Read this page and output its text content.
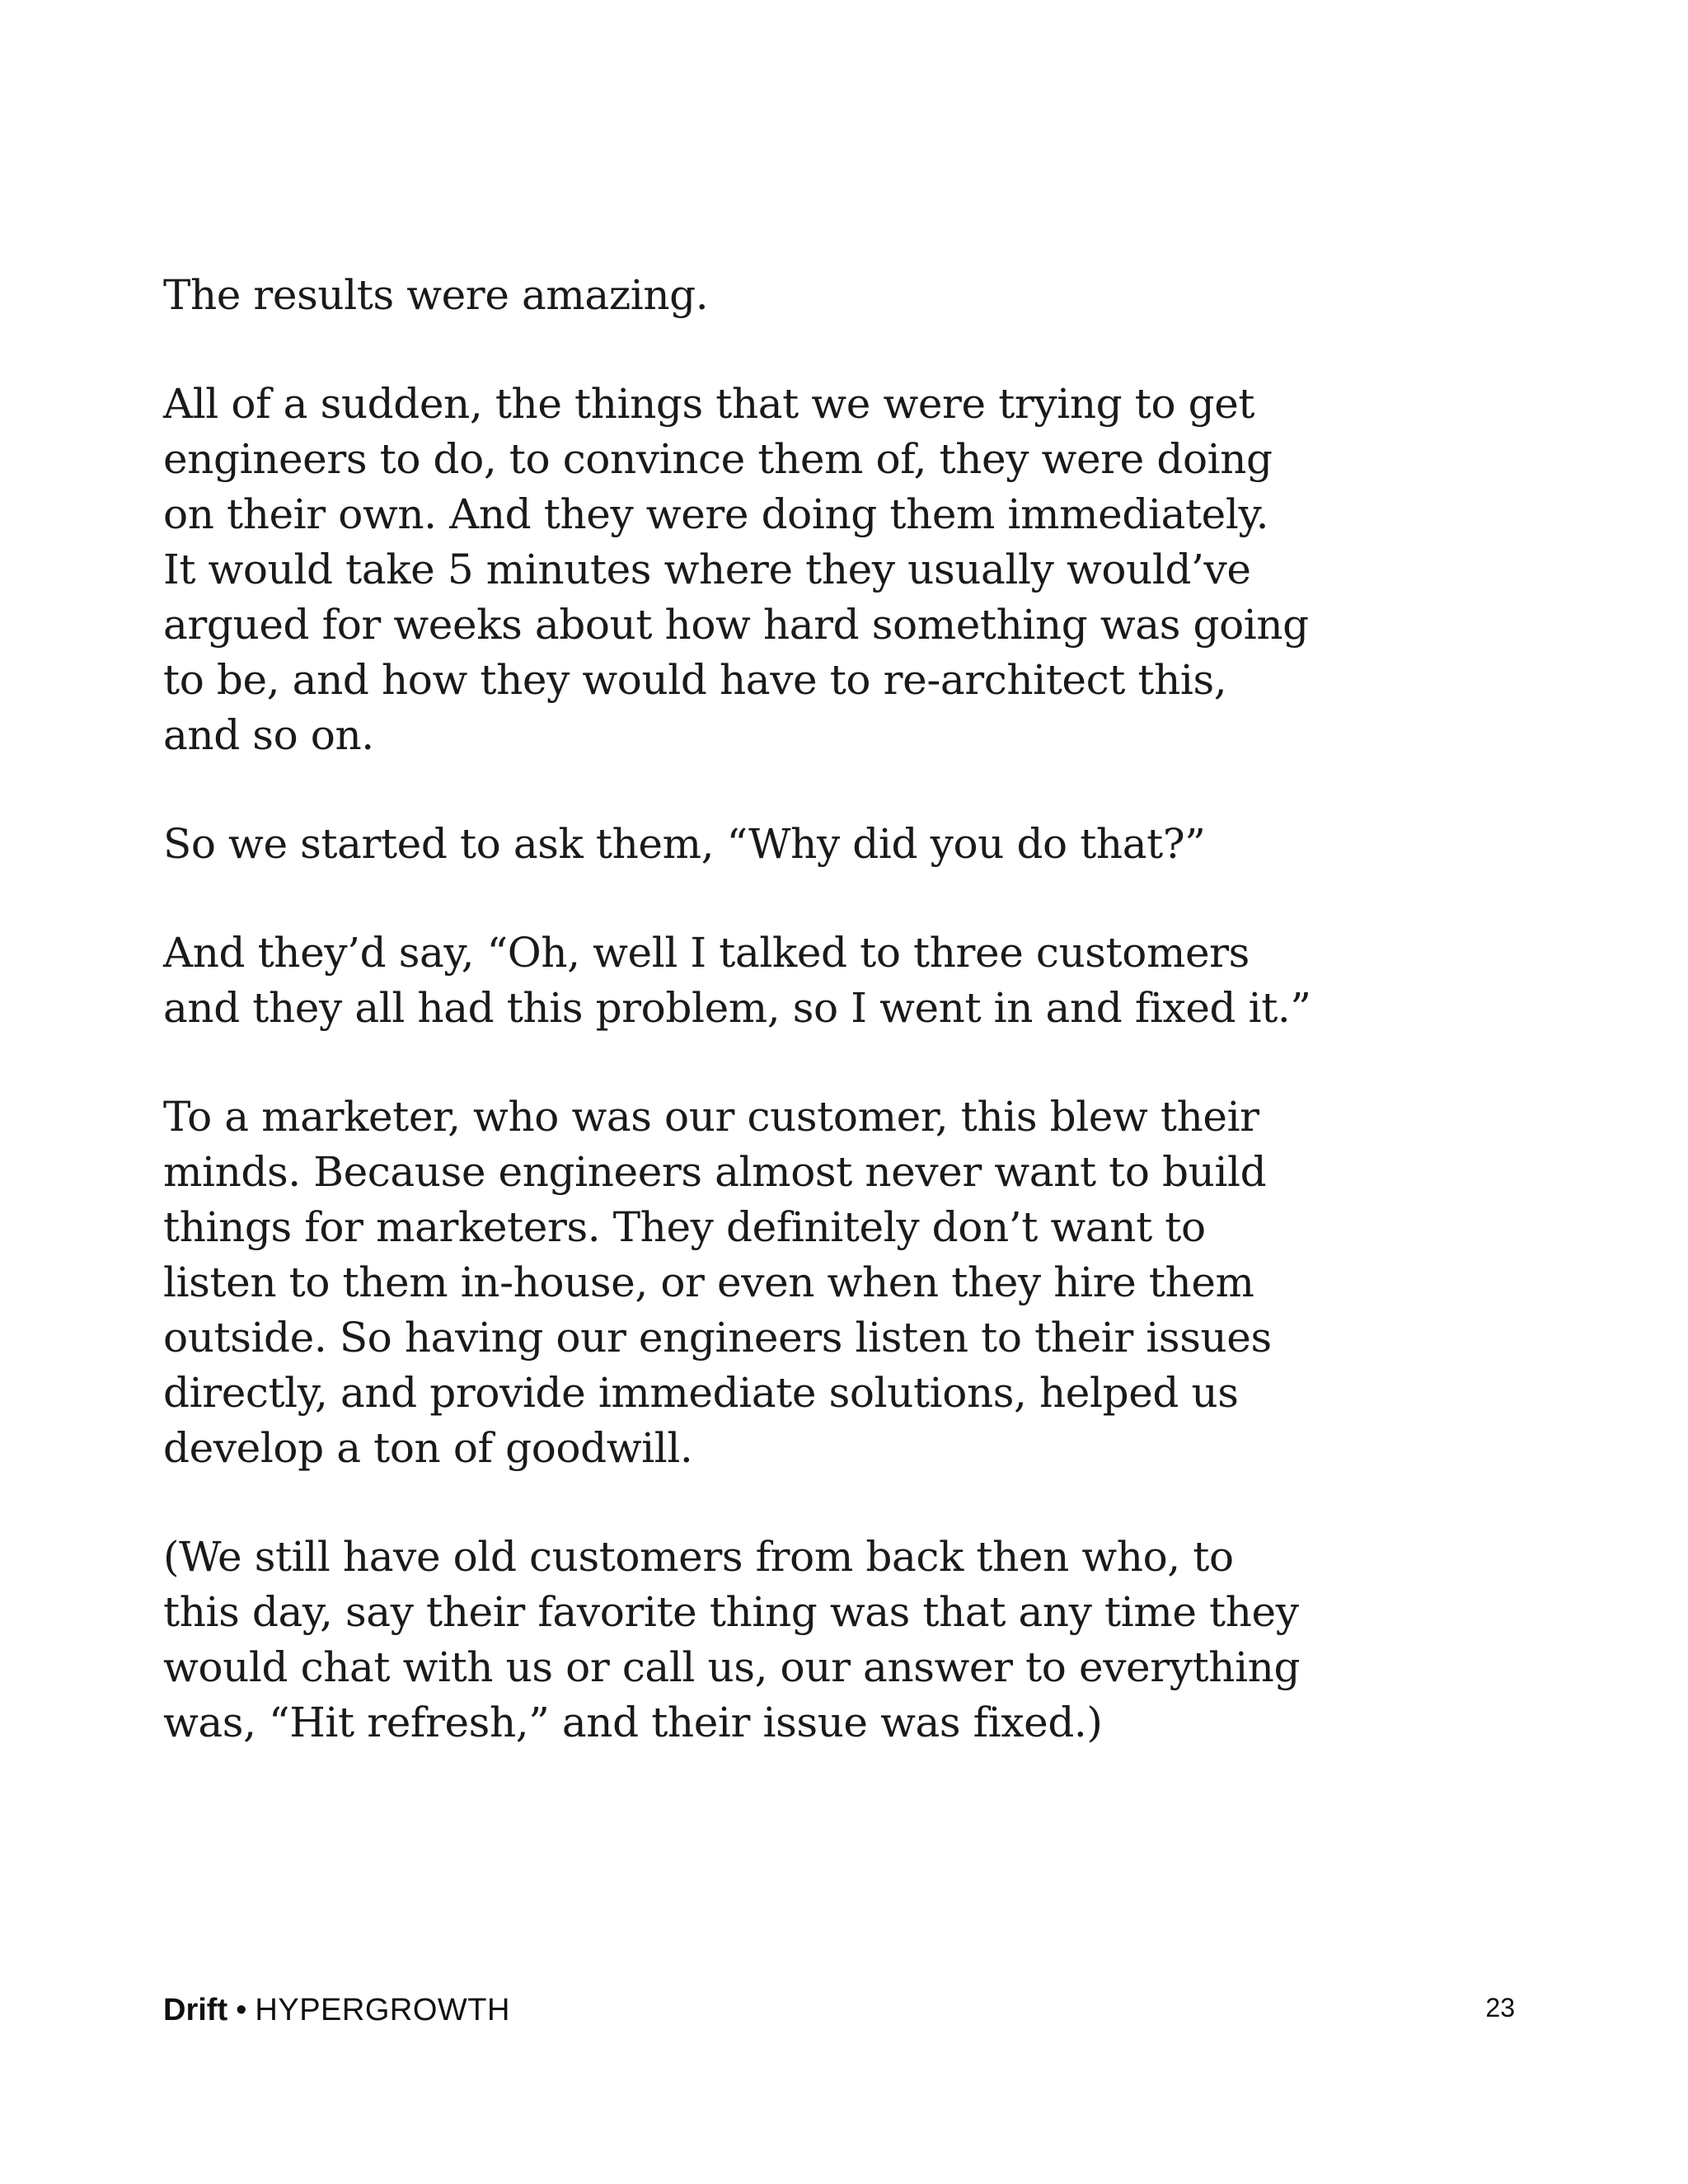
The results were amazing.

All of a sudden, the things that we were trying to get
engineers to do, to convince them of, they were doing
on their own. And they were doing them immediately.
It would take 5 minutes where they usually would’ve
argued for weeks about how hard something was going
to be, and how they would have to re-architect this,
and so on.

So we started to ask them, “Why did you do that?”

And they’d say, “Oh, well I talked to three customers
and they all had this problem, so I went in and fixed it.”

To a marketer, who was our customer, this blew their
minds. Because engineers almost never want to build
things for marketers. They definitely don’t want to
listen to them in-house, or even when they hire them
outside. So having our engineers listen to their issues
directly, and provide immediate solutions, helped us
develop a ton of goodwill.

(We still have old customers from back then who, to
this day, say their favorite thing was that any time they
would chat with us or call us, our answer to everything
was, “Hit refresh,” and their issue was fixed.)

Drift • HYPERGROWTH	23
